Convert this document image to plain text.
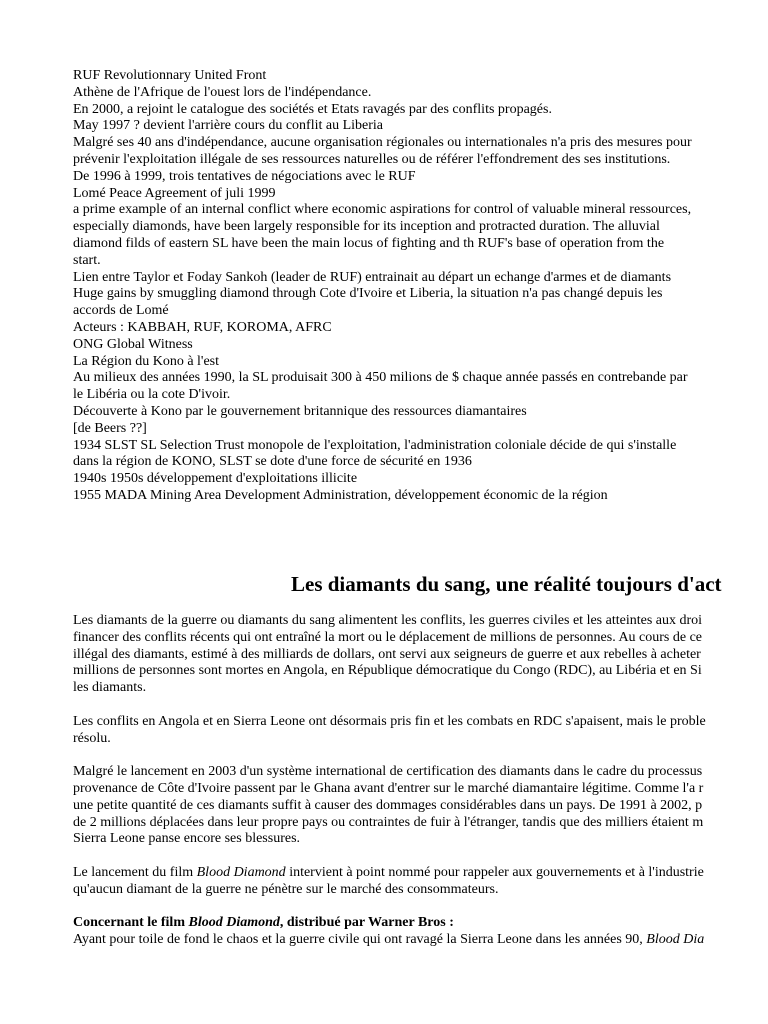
RUF Revolutionnary United Front
Athène de l'Afrique de l'ouest lors de l'indépendance.
En 2000, a rejoint le catalogue des sociétés et Etats ravagés par des conflits propagés.
May 1997 ? devient l'arrière cours du conflit au Liberia
Malgré ses 40 ans d'indépendance, aucune organisation régionales ou internationales n'a pris des mesures pour prévenir l'exploitation illégale de ses ressources naturelles ou de référer l'effondrement des ses institutions.
De 1996 à 1999, trois tentatives de négociations avec le RUF
Lomé Peace Agreement of juli 1999
a prime example of an internal conflict where economic aspirations for control of valuable mineral ressources, especially diamonds, have been largely responsible for its inception and protracted duration. The alluvial diamond filds of eastern SL have been the main locus of fighting and th RUF's base of operation from the start.
Lien entre Taylor et Foday Sankoh (leader de RUF) entrainait au départ un echange d'armes et de diamants
Huge gains by smuggling diamond through Cote d'Ivoire et Liberia, la situation n'a pas changé depuis les accords de Lomé
Acteurs : KABBAH, RUF, KOROMA, AFRC
ONG Global Witness
La Région du Kono à l'est
Au milieux des années 1990, la SL produisait 300 à 450 milions de $ chaque année passés en contrebande par le Libéria ou la cote D'ivoir.
Découverte à Kono par le gouvernement britannique des ressources diamantaires
[de Beers ??]
1934 SLST SL Selection Trust monopole de l'exploitation, l'administration coloniale décide de qui s'installe dans la région de KONO, SLST se dote d'une force de sécurité en 1936
1940s 1950s développement d'exploitations illicite
1955 MADA Mining Area Development Administration, développement économic de la région
Les diamants du sang, une réalité toujours d'act

Les diamants de la guerre ou diamants du sang alimentent les conflits, les guerres civiles et les atteintes aux droi
financer des conflits récents qui ont entraîné la mort ou le déplacement de millions de personnes. Au cours de ce
illégal des diamants, estimé à des milliards de dollars, ont servi aux seigneurs de guerre et aux rebelles à acheter
millions de personnes sont mortes en Angola, en République démocratique du Congo (RDC), au Libéria et en Si
les diamants.

Les conflits en Angola et en Sierra Leone ont désormais pris fin et les combats en RDC s'apaisent, mais le proble
résolu.

Malgré le lancement en 2003 d'un système international de certification des diamants dans le cadre du processus
provenance de Côte d'Ivoire passent par le Ghana avant d'entrer sur le marché diamantaire légitime. Comme l'a r
une petite quantité de ces diamants suffit à causer des dommages considérables dans un pays. De 1991 à 2002, p
de 2 millions déplacées dans leur propre pays ou contraintes de fuir à l'étranger, tandis que des milliers étaient m
Sierra Leone panse encore ses blessures.

Le lancement du film Blood Diamond intervient à point nommé pour rappeler aux gouvernements et à l'industrie
qu'aucun diamant de la guerre ne pénètre sur le marché des consommateurs.

Concernant le film Blood Diamond, distribué par Warner Bros :
Ayant pour toile de fond le chaos et la guerre civile qui ont ravagé la Sierra Leone dans les années 90, Blood Dia
